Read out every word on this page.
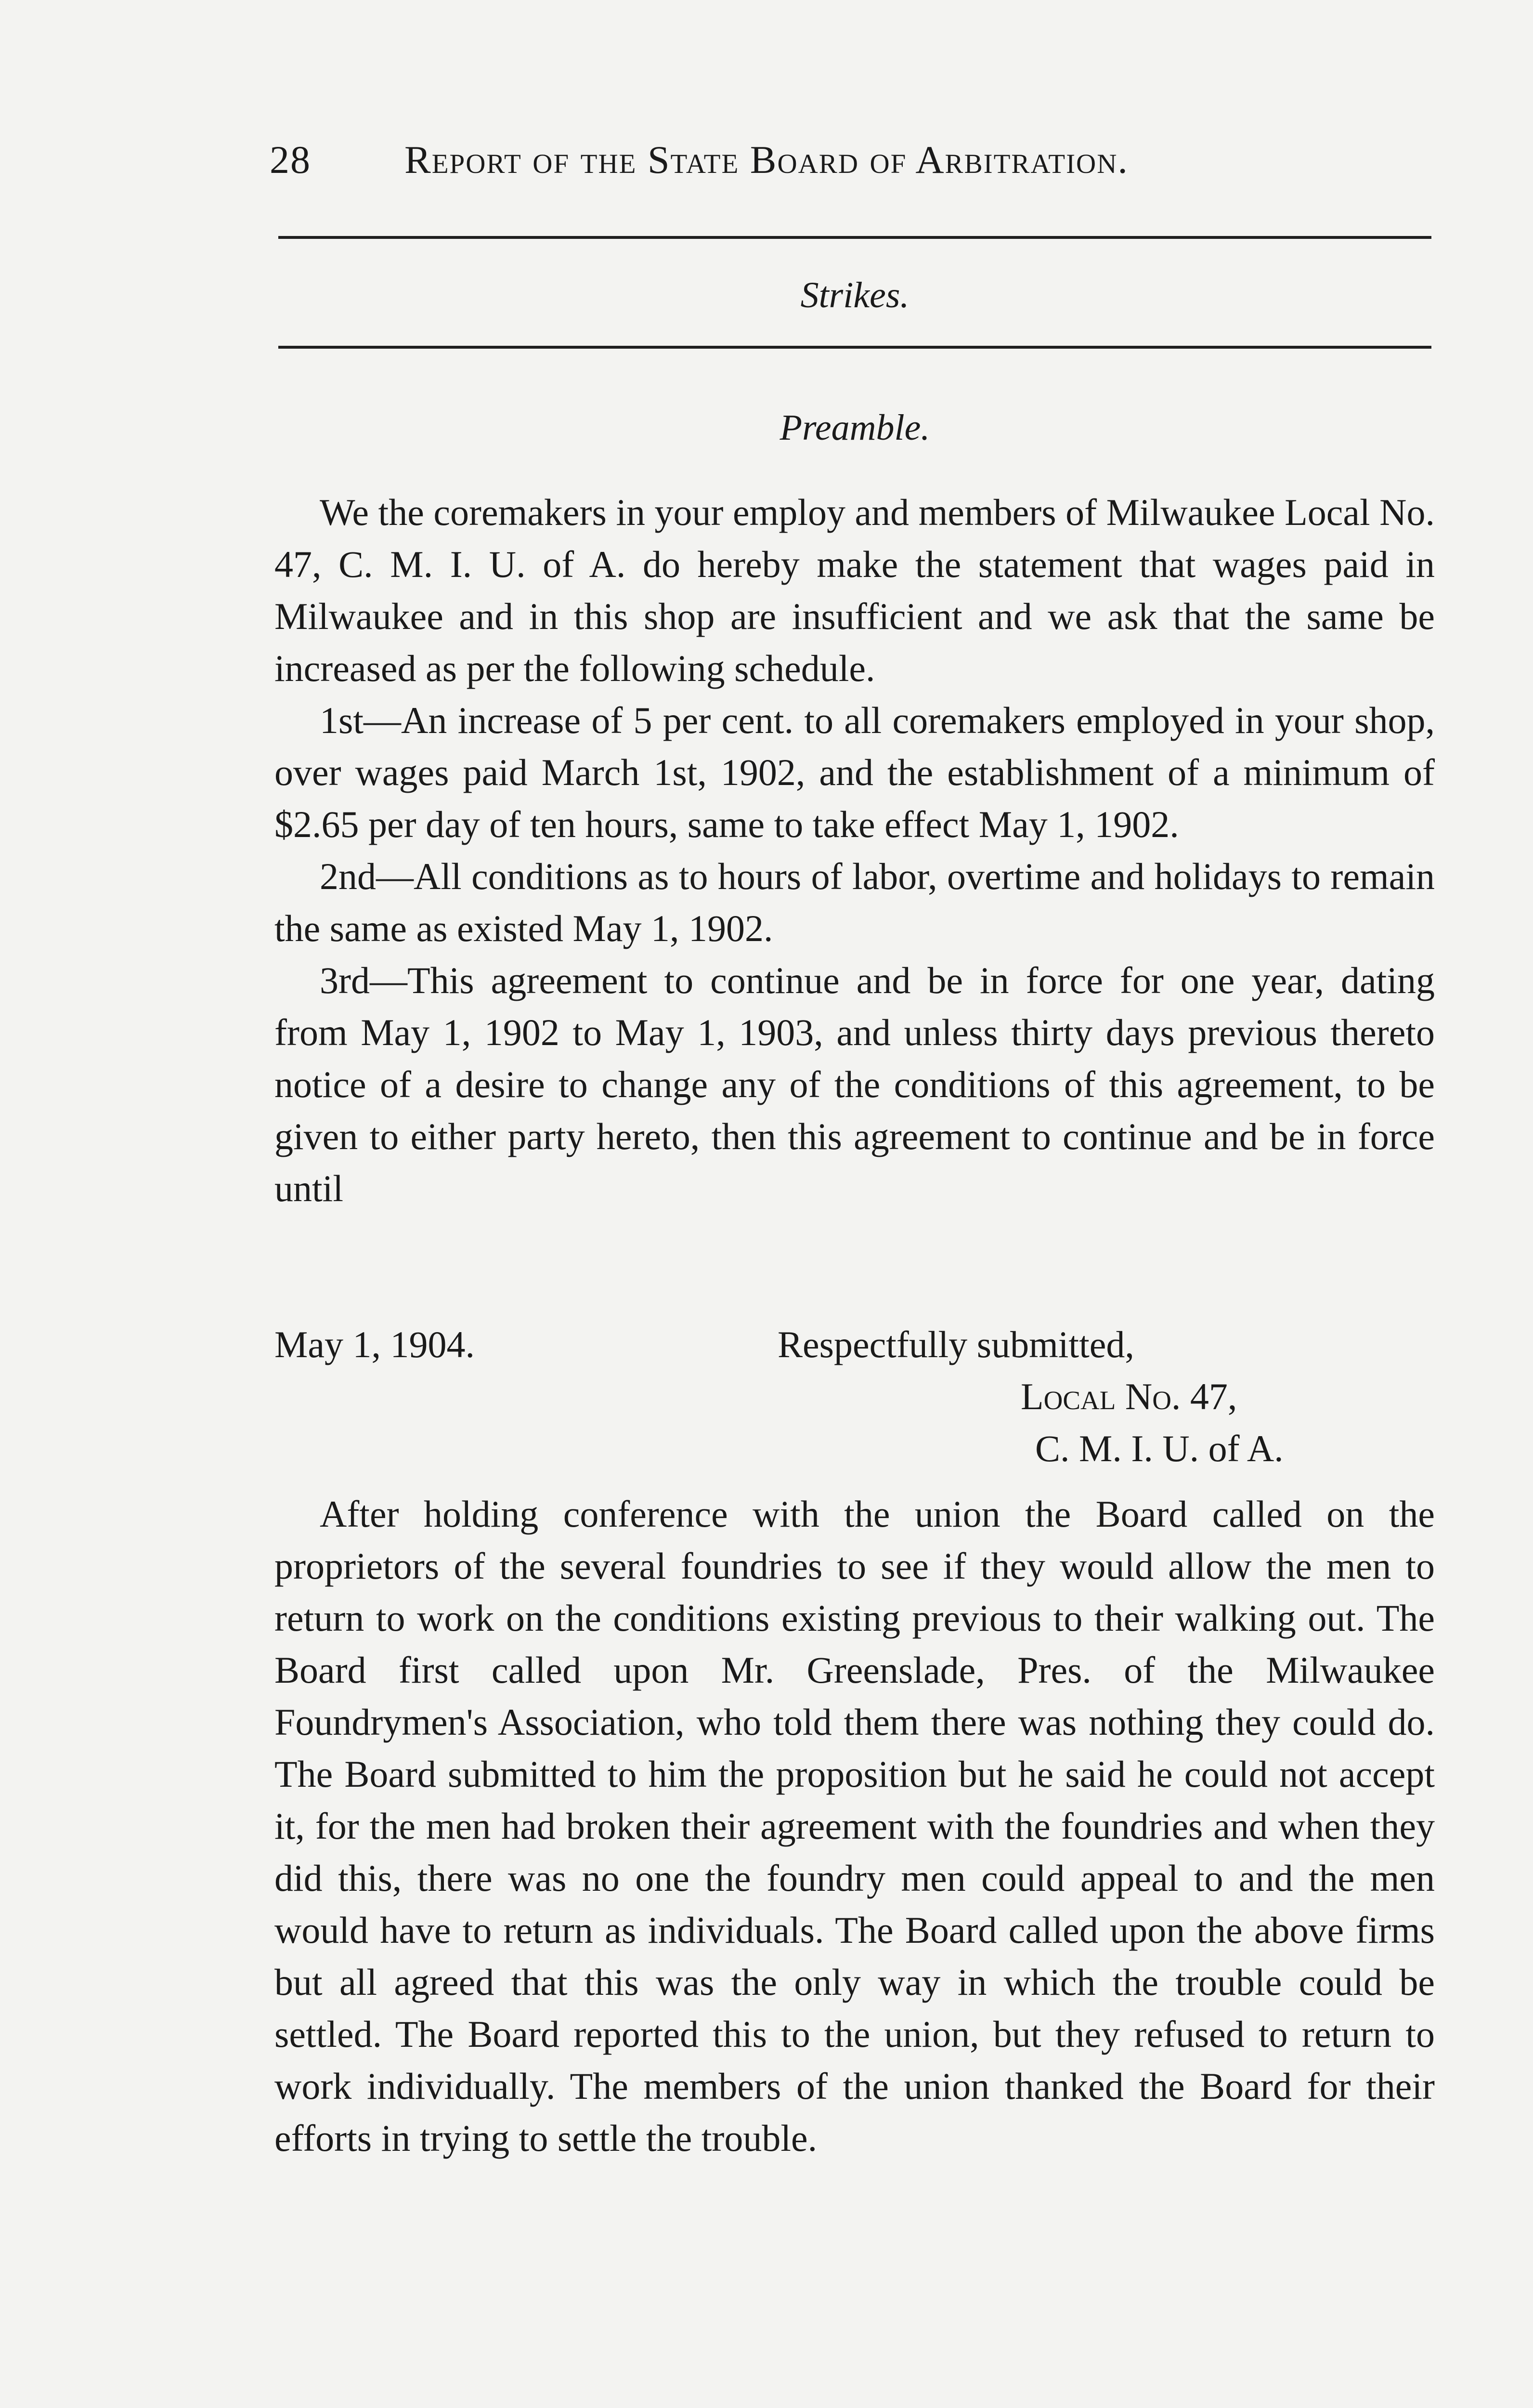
28 Report of the State Board of Arbitration.
Strikes.
Preamble.

We the coremakers in your employ and members of Milwaukee Local No. 47, C. M. I. U. of A. do hereby make the statement that wages paid in Milwaukee and in this shop are insufficient and we ask that the same be increased as per the following schedule.

1st—An increase of 5 per cent. to all coremakers employed in your shop, over wages paid March 1st, 1902, and the establishment of a minimum of $2.65 per day of ten hours, same to take effect May 1, 1902.

2nd—All conditions as to hours of labor, overtime and holidays to remain the same as existed May 1, 1902.

3rd—This agreement to continue and be in force for one year, dating from May 1, 1902 to May 1, 1903, and unless thirty days previous thereto notice of a desire to change any of the conditions of this agreement, to be given to either party hereto, then this agreement to continue and be in force until

May 1, 1904.	Respectfully submitted,
Local No. 47,
C. M. I. U. of A.

After holding conference with the union the Board called on the proprietors of the several foundries to see if they would allow the men to return to work on the conditions existing previous to their walking out. The Board first called upon Mr. Greenslade, Pres. of the Milwaukee Foundrymen's Association, who told them there was nothing they could do. The Board submitted to him the proposition but he said he could not accept it, for the men had broken their agreement with the foundries and when they did this, there was no one the foundry men could appeal to and the men would have to return as individuals. The Board called upon the above firms but all agreed that this was the only way in which the trouble could be settled. The Board reported this to the union, but they refused to return to work individually. The members of the union thanked the Board for their efforts in trying to settle the trouble.
